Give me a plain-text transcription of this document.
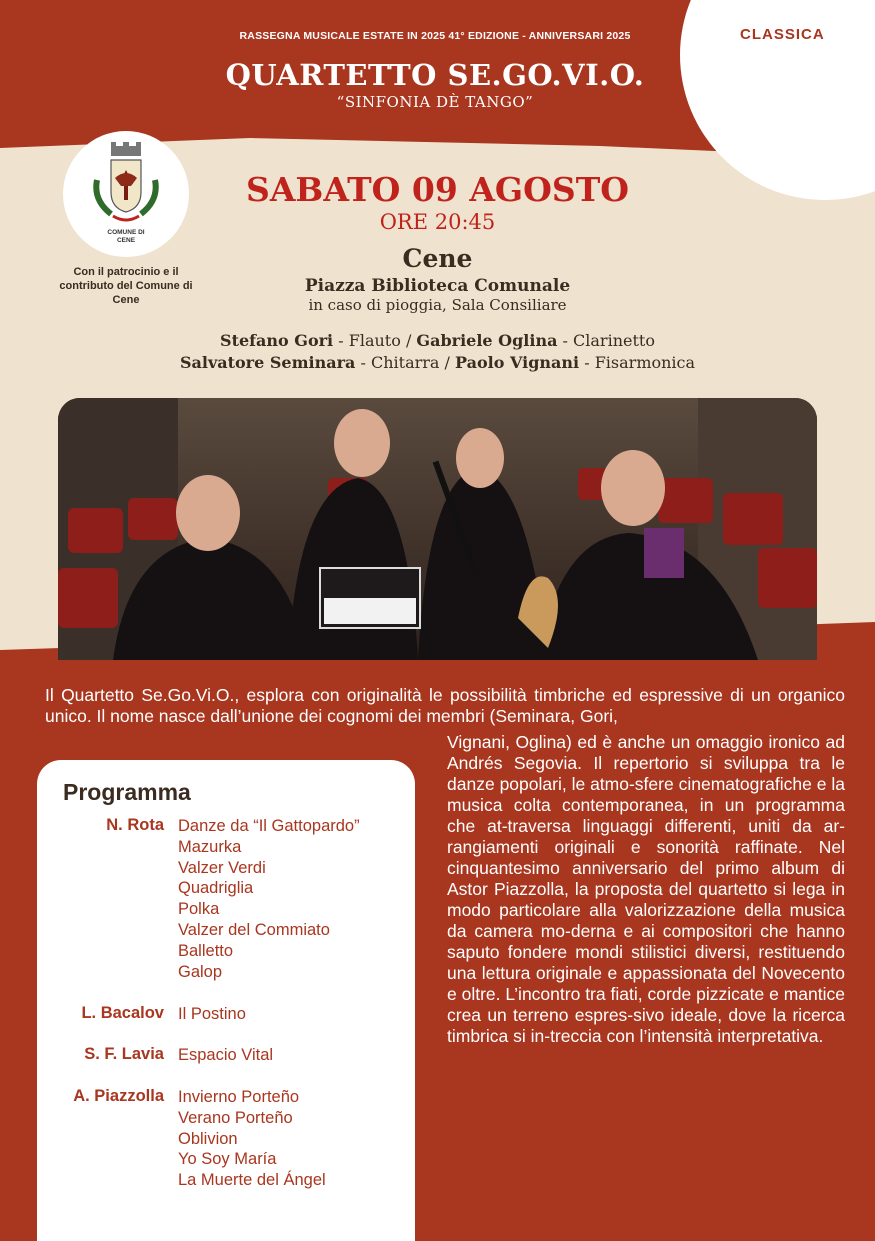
CLASSICA
RASSEGNA MUSICALE ESTATE IN 2025 41° EDIZIONE - ANNIVERSARI 2025
QUARTETTO SE.GO.VI.O.
“SINFONIA DÈ TANGO”
COMUNE DI
CENE
Con il patrocinio e il contributo del Comune di Cene
SABATO 09 AGOSTO
ORE 20:45
Cene
Piazza Biblioteca Comunale
in caso di pioggia, Sala Consiliare
Stefano Gori - Flauto / Gabriele Oglina - Clarinetto
Salvatore Seminara - Chitarra / Paolo Vignani - Fisarmonica
Il Quartetto Se.Go.Vi.O., esplora con originalità le possibilità timbriche ed espressive di un organico unico. Il nome nasce dall’unione dei cognomi dei membri (Seminara, Gori,
Vignani, Oglina) ed è anche un omaggio ironico ad Andrés Segovia. Il repertorio si sviluppa tra le danze popolari, le atmo-sfere cinematografiche e la musica colta contemporanea, in un programma che at-traversa linguaggi differenti, uniti da ar-rangiamenti originali e sonorità raffinate. Nel cinquantesimo anniversario del primo album di Astor Piazzolla, la proposta del quartetto si lega in modo particolare alla valorizzazione della musica da camera mo-derna e ai compositori che hanno saputo fondere mondi stilistici diversi, restituendo una lettura originale e appassionata del Novecento e oltre. L’incontro tra fiati, corde pizzicate e mantice crea un terreno espres-sivo ideale, dove la ricerca timbrica si in-treccia con l’intensità interpretativa.
Programma
N. Rota Danze da “Il Gattopardo”
Mazurka
Valzer Verdi
Quadriglia
Polka
Valzer del Commiato
Balletto
Galop
L. Bacalov Il Postino
S. F. Lavia Espacio Vital
A. Piazzolla Invierno Porteño
Verano Porteño
Oblivion
Yo Soy María
La Muerte del Ángel
